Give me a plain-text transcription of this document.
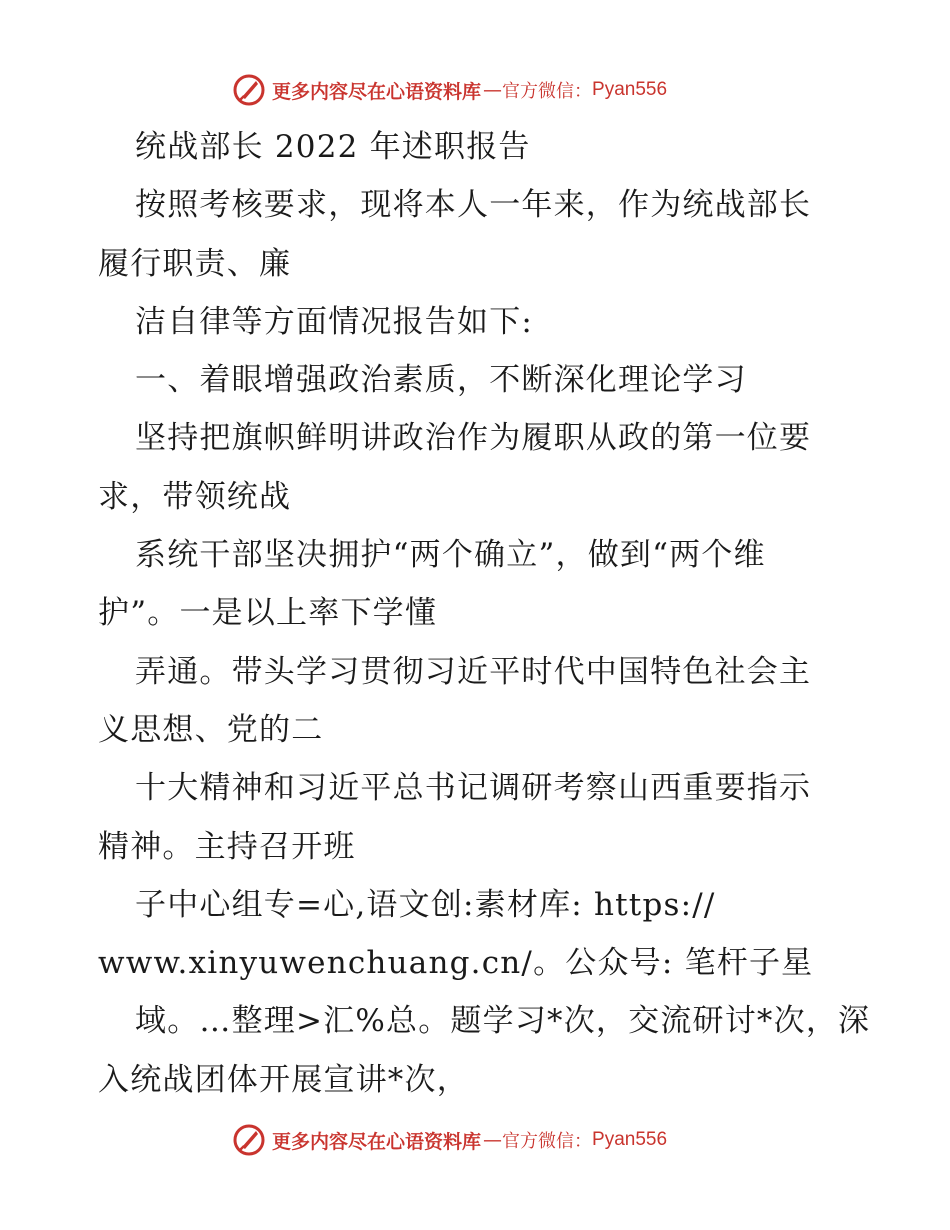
更多内容尽在心语资料库 — 官方微信： Pyan556
统战部长 2022 年述职报告
按照考核要求，现将本人一年来，作为统战部长
履行职责、廉
洁自律等方面情况报告如下:
一、着眼增强政治素质，不断深化理论学习
坚持把旗帜鲜明讲政治作为履职从政的第一位要
求，带领统战
系统干部坚决拥护“两个确立”，做到“两个维
护”。一是以上率下学懂
弄通。带头学习贯彻习近平时代中国特色社会主
义思想、党的二
十大精神和习近平总书记调研考察山西重要指示
精神。主持召开班
子中心组专=心,语文创:素材库: https://
www.xinyuwenchuang.cn/。公众号: 笔杆子星
域。…整理>汇%总。题学习*次，交流研讨*次，深
入统战团体开展宣讲*次，
更多内容尽在心语资料库 — 官方微信： Pyan556
